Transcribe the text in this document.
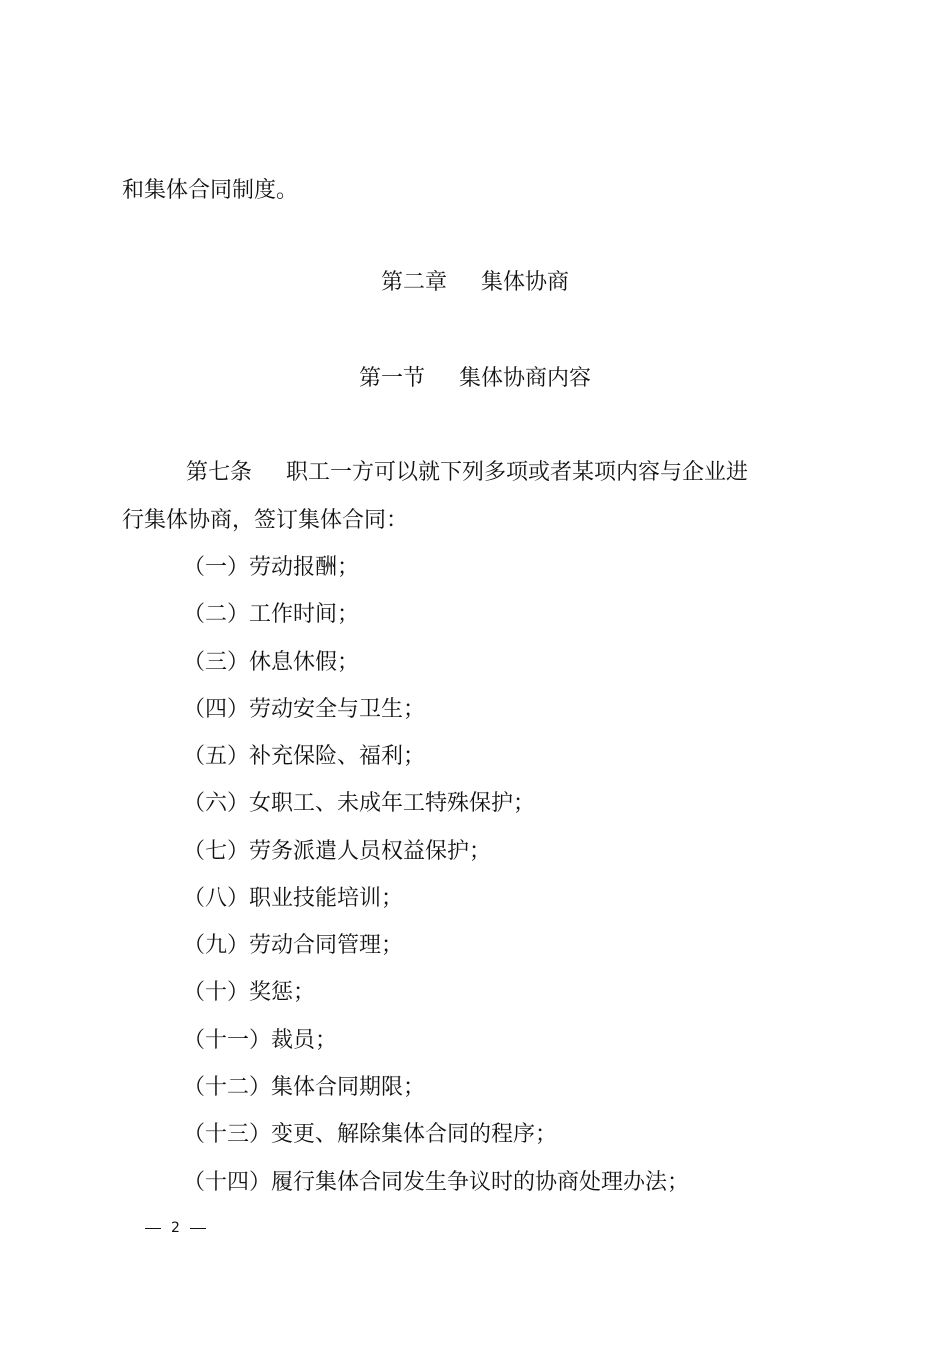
和集体合同制度。

第二章 集体协商
第一节 集体协商内容

第七条 职工一方可以就下列多项或者某项内容与企业进

行集体协商，签订集体合同：

（一）劳动报酬；

（二）工作时间；

（三）休息休假；

（四）劳动安全与卫生；

（五）补充保险、福利；

（六）女职工、未成年工特殊保护；

（七）劳务派遣人员权益保护；

（八）职业技能培训；

（九）劳动合同管理；

（十）奖惩；

（十一）裁员；

（十二）集体合同期限；

（十三）变更、解除集体合同的程序；

（十四）履行集体合同发生争议时的协商处理办法；

2
